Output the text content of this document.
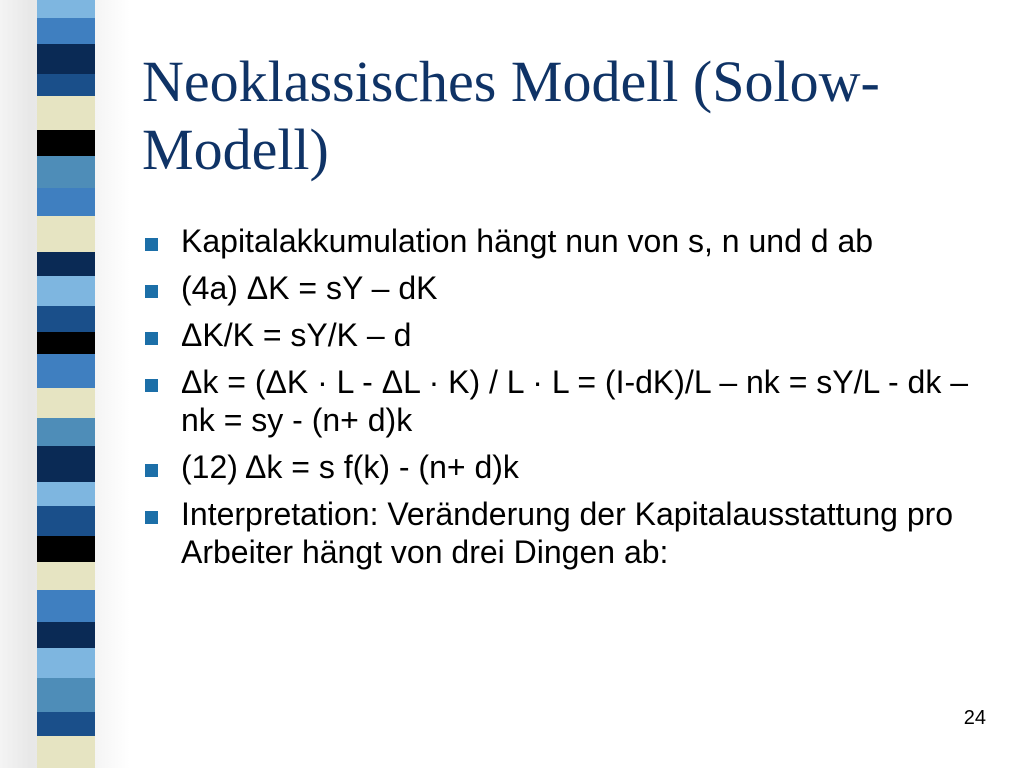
Neoklassisches Modell (Solow-Modell)
Kapitalakkumulation hängt nun von s, n und d ab
(4a) ΔK = sY – dK
ΔK/K = sY/K – d
Δk = (ΔK · L - ΔL · K) / L · L = (I-dK)/L – nk = sY/L - dk – nk = sy - (n+ d)k
(12) Δk = s f(k) - (n+ d)k
Interpretation: Veränderung der Kapitalausstattung pro Arbeiter hängt von drei Dingen ab:
24
